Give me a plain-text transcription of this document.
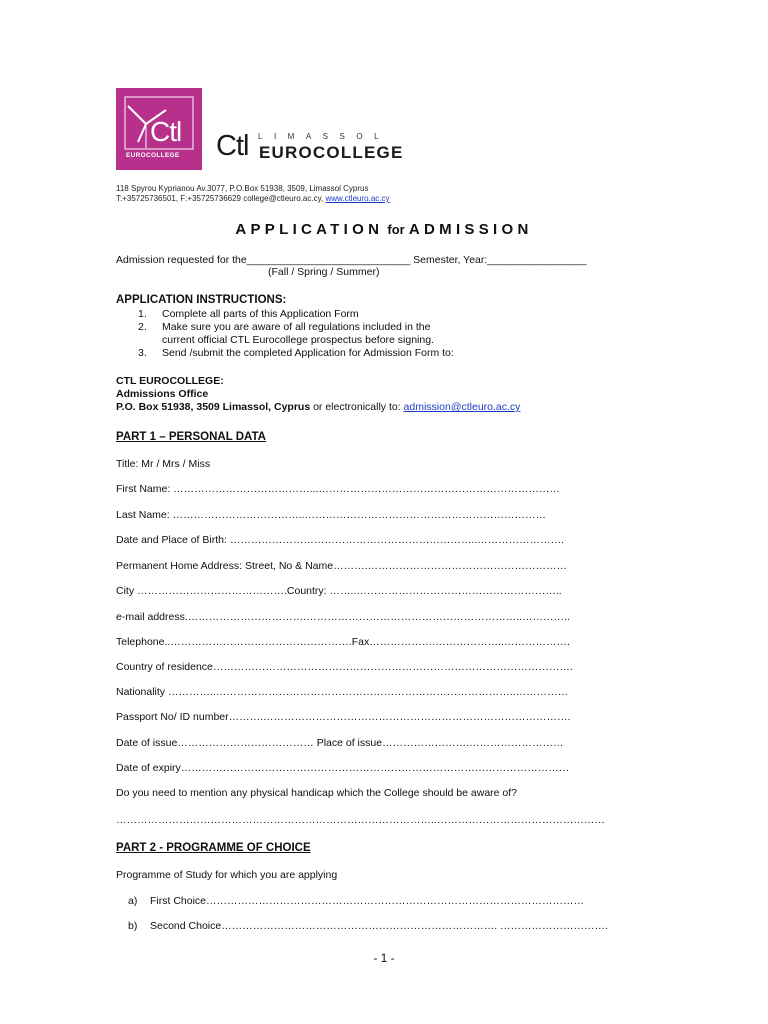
Ctl
EUROCOLLEGE Ctl LIMASSOL
EUROCOLLEGE
118 Spyrou Kyprianou Av.3077, P.O.Box 51938, 3509, Limassol Cyprus
T:+35725736501, F:+35725736629 college@ctleuro.ac.cy, www.ctleuro.ac.cy
APPLICATION for ADMISSION
Admission requested for the____________________________ Semester, Year:_________________
(Fall / Spring / Summer)
APPLICATION INSTRUCTIONS:
1. Complete all parts of this Application Form
2. Make sure you are aware of all regulations included in the
current official CTL Eurocollege prospectus before signing.
3. Send /submit the completed Application for Admission Form to:
CTL EUROCOLLEGE:
Admissions Office
P.O. Box 51938, 3509 Limassol, Cyprus or electronically to: admission@ctleuro.ac.cy
PART 1 – PERSONAL DATA
Title: Mr / Mrs / Miss
First Name: …………………………………...……………………………………………………………
Last Name: ………………………………..……………………………………………………………
Date and Place of Birth: ……………………………………………………………..…………………….
Permanent Home Address: Street, No & Name……….…………………………………………………
City …………………………………….Country: ……..…………………………………………………..
e-mail address.…………………………….……………………………………………………..…………..
Telephone..…………………………………………….Fax……………….………………..……………….
Country of residence………………………………………………………………………………………….
Nationality …………..…………………………………………………………………………..……………
Passport No/ ID number……….…………………………………………………………………………….
Date of issue………………………………… Place of issue…………………….………………………
Date of expiry…………………………………………………………………………………………………
Do you need to mention any physical handicap which the College should be aware of?
………………………………………………………………………………..…………………………………………
PART 2 - PROGRAMME OF CHOICE
Programme of Study for which you are applying
a) First Choice………………………………………………………………………………………………
b) Second Choice……………………………………………………………………. ………………………….
- 1 -
